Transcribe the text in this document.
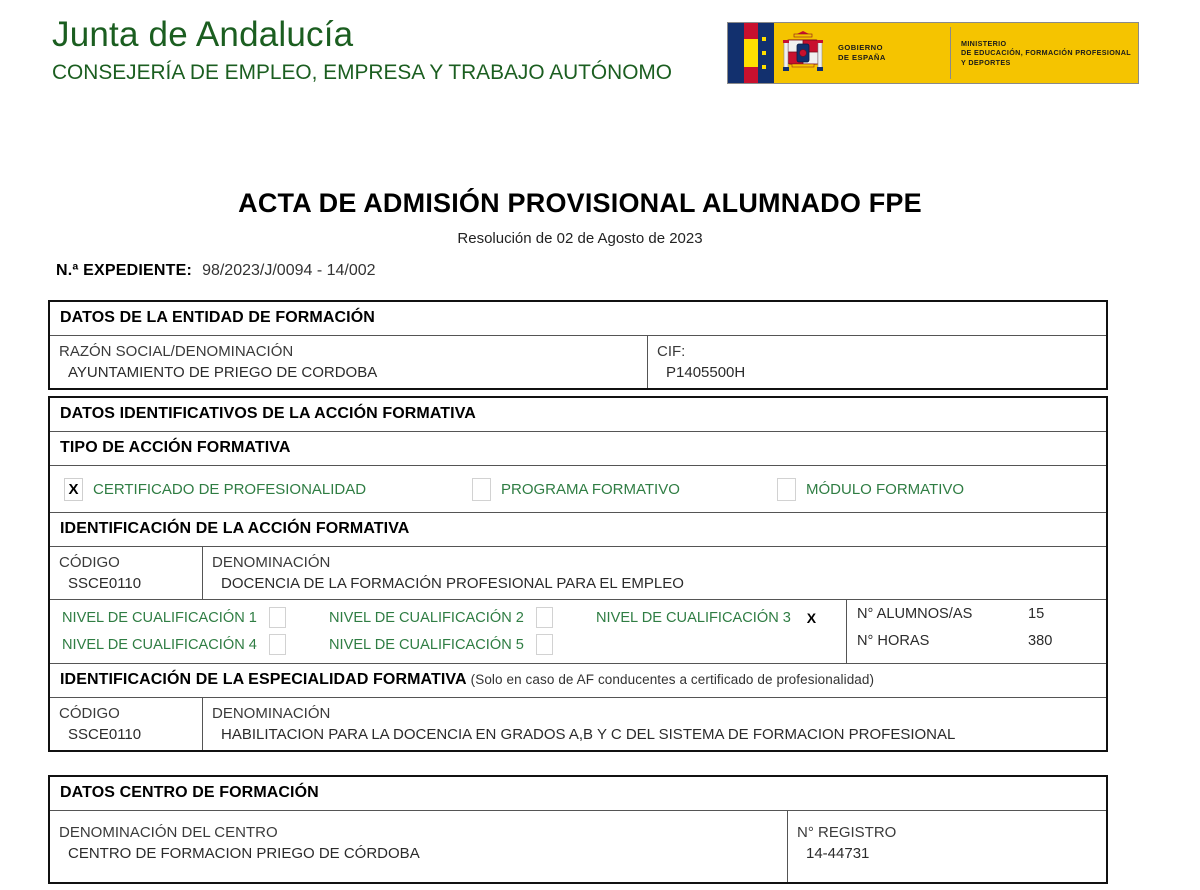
Junta de Andalucía
CONSEJERÍA DE EMPLEO, EMPRESA Y TRABAJO AUTÓNOMO
GOBIERNO
DE ESPAÑA
MINISTERIO
DE EDUCACIÓN, FORMACIÓN PROFESIONAL
Y DEPORTES
ACTA DE ADMISIÓN PROVISIONAL ALUMNADO FPE
Resolución de 02 de Agosto de 2023
N.ª EXPEDIENTE: 98/2023/J/0094 - 14/002
DATOS DE LA ENTIDAD DE FORMACIÓN
RAZÓN SOCIAL/DENOMINACIÓN
AYUNTAMIENTO DE PRIEGO DE CORDOBA
CIF:
P1405500H
DATOS IDENTIFICATIVOS DE LA ACCIÓN FORMATIVA
TIPO DE ACCIÓN FORMATIVA
X CERTIFICADO DE PROFESIONALIDAD	PROGRAMA FORMATIVO	MÓDULO FORMATIVO
IDENTIFICACIÓN DE LA ACCIÓN FORMATIVA
CÓDIGO
SSCE0110
DENOMINACIÓN
DOCENCIA DE LA FORMACIÓN PROFESIONAL PARA EL EMPLEO
NIVEL DE CUALIFICACIÓN 1	NIVEL DE CUALIFICACIÓN 2	NIVEL DE CUALIFICACIÓN 3 X
NIVEL DE CUALIFICACIÓN 4	NIVEL DE CUALIFICACIÓN 5
N° ALUMNOS/AS	15
N° HORAS	380
IDENTIFICACIÓN DE LA ESPECIALIDAD FORMATIVA (Solo en caso de AF conducentes a certificado de profesionalidad)
CÓDIGO
SSCE0110
DENOMINACIÓN
HABILITACION PARA LA DOCENCIA EN GRADOS A,B Y C DEL SISTEMA DE FORMACION PROFESIONAL
DATOS CENTRO DE FORMACIÓN
DENOMINACIÓN DEL CENTRO
CENTRO DE FORMACION PRIEGO DE CÓRDOBA
N° REGISTRO
14-44731
